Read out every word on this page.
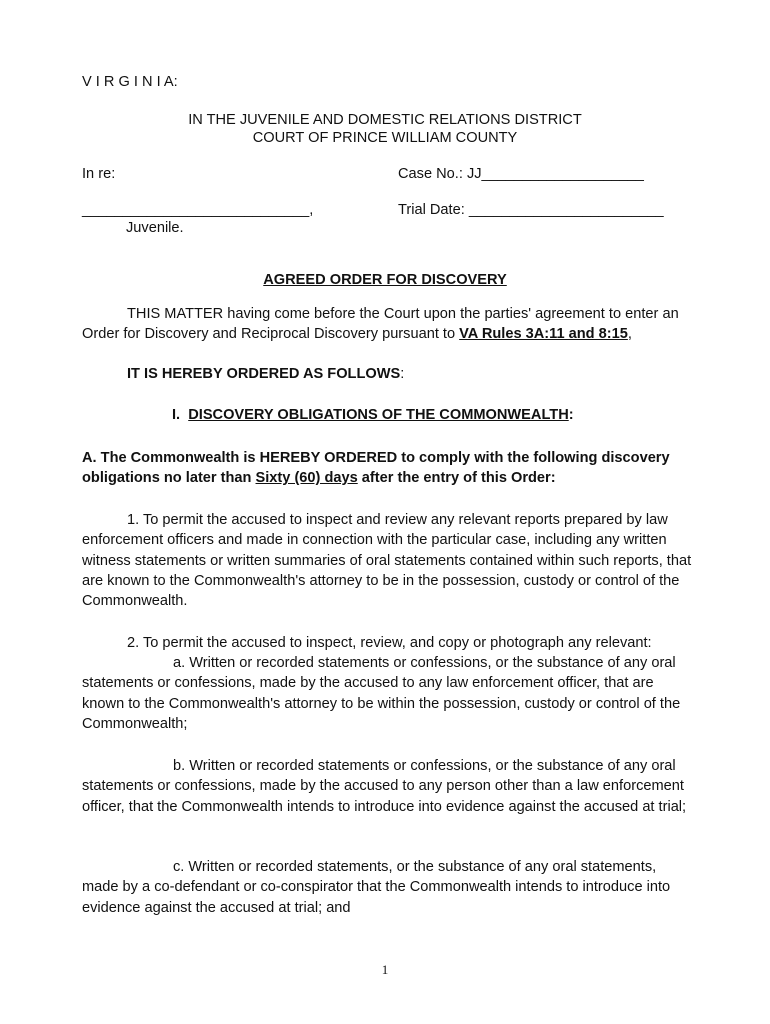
V I R G I N I A:
IN THE JUVENILE AND DOMESTIC RELATIONS DISTRICT
COURT OF PRINCE WILLIAM COUNTY
In re:	Case No.: JJ____________________
____________________________,	Trial Date: ________________________
Juvenile.
AGREED ORDER FOR DISCOVERY
THIS MATTER having come before the Court upon the parties' agreement to enter an Order for Discovery and Reciprocal Discovery pursuant to VA Rules 3A:11 and 8:15,
IT IS HEREBY ORDERED AS FOLLOWS:
I.  DISCOVERY OBLIGATIONS OF THE COMMONWEALTH:
A. The Commonwealth is HEREBY ORDERED to comply with the following discovery obligations no later than Sixty (60) days after the entry of this Order:
1. To permit the accused to inspect and review any relevant reports prepared by law enforcement officers and made in connection with the particular case, including any written witness statements or written summaries of oral statements contained within such reports, that are known to the Commonwealth's attorney to be in the possession, custody or control of the Commonwealth.
2. To permit the accused to inspect, review, and copy or photograph any relevant:
a. Written or recorded statements or confessions, or the substance of any oral statements or confessions, made by the accused to any law enforcement officer, that are known to the Commonwealth's attorney to be within the possession, custody or control of the Commonwealth;
b. Written or recorded statements or confessions, or the substance of any oral statements or confessions, made by the accused to any person other than a law enforcement officer, that the Commonwealth intends to introduce into evidence against the accused at trial;
c. Written or recorded statements, or the substance of any oral statements, made by a co-defendant or co-conspirator that the Commonwealth intends to introduce into evidence against the accused at trial; and
1
